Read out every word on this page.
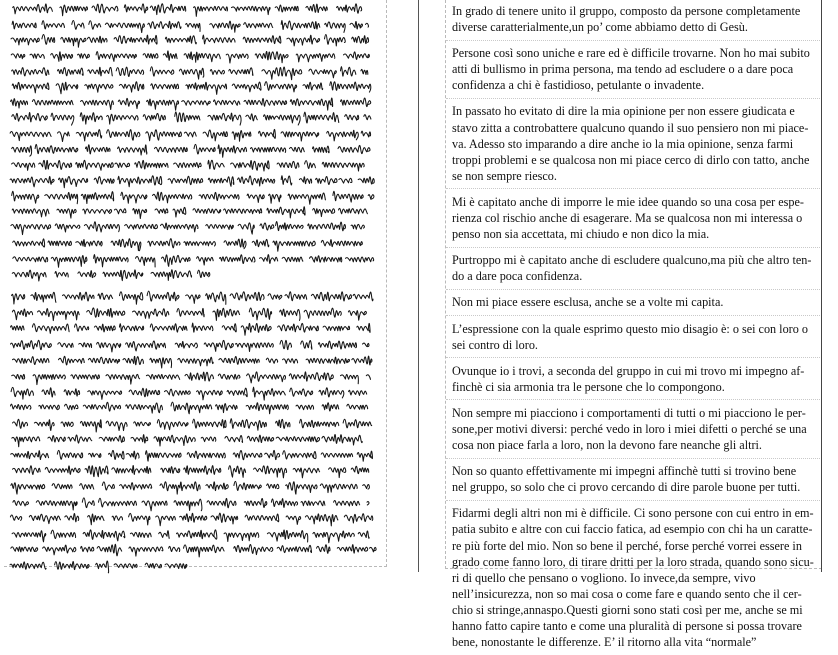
In grado di tenere unito il gruppo, composto da persone completamente diverse caratterialmente,un po’ come abbiamo detto di Gesù.

Persone così sono uniche e rare ed è difficile trovarne. Non ho mai subito atti di bullismo in prima persona, ma tendo ad escludere o a dare poca confidenza a chi è fastidioso, petulante o invadente.

In passato ho evitato di dire la mia opinione per non essere giudicata e stavo zitta a controbattere qualcuno quando il suo pensiero non mi piace-va. Adesso sto imparando a dire anche io la mia opinione, senza farmi troppi problemi e se qualcosa non mi piace cerco di dirlo con tatto, anche se non sempre riesco.

Mi è capitato anche di imporre le mie idee quando so una cosa per espe-rienza col rischio anche di esagerare. Ma se qualcosa non mi interessa o penso non sia accettata, mi chiudo e non dico la mia.

Purtroppo mi è capitato anche di escludere qualcuno,ma più che altro ten-do a dare poca confidenza.

Non mi piace essere esclusa, anche se a volte mi capita.

L’espressione con la quale esprimo questo mio disagio è: o sei con loro o sei contro di loro.

Ovunque io i trovi, a seconda del gruppo in cui mi trovo mi impegno af-finchè ci sia armonia tra le persone che lo compongono.

Non sempre mi piacciono i comportamenti di tutti o mi piacciono le per-sone,per motivi diversi: perché vedo in loro i miei difetti o perché se una cosa non piace farla a loro, non la devono fare neanche gli altri.

Non so quanto effettivamente mi impegni affinchè tutti si trovino bene nel gruppo, so solo che ci provo cercando di dire parole buone per tutti.

Fidarmi degli altri non mi è difficile. Ci sono persone con cui entro in em-patia subito e altre con cui faccio fatica, ad esempio con chi ha un caratte-re più forte del mio. Non so bene il perché, forse perché vorrei essere in grado come fanno loro, di tirare dritti per la loro strada, quando sono sicu-ri di quello che pensano o vogliono. Io invece,da sempre, vivo nell’insicurezza, non so mai cosa o come fare e quando sento che il cer-chio si stringe,annaspo.Questi giorni sono stati così per me, anche se mi hanno fatto capire tanto e come una pluralità di persone si possa trovare bene, nonostante le differenze. E’ il ritorno alla vita “normale”
